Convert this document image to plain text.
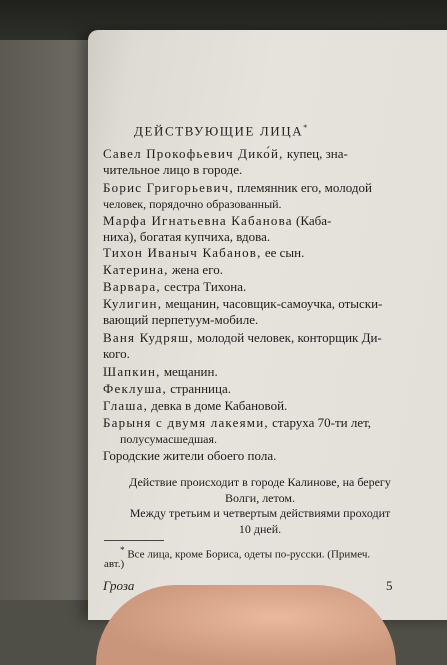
ДЕЙСТВУЮЩИЕ ЛИЦА*
Савел Прокофьевич Дико́й, купец, зна-
чительное лицо в городе.
Борис Григорьевич, племянник его, молодой
человек, порядочно образованный.
Марфа Игнатьевна Кабанова (Каба-
ниха), богатая купчиха, вдова.
Тихон Иваныч Кабанов, ее сын.
Катерина, жена его.
Варвара, сестра Тихона.
Кулигин, мещанин, часовщик-самоучка, отыски-
вающий перпетуум-мобиле.
Ваня Кудряш, молодой человек, конторщик Ди-
кого.
Шапкин, мещанин.
Феклуша, странница.
Глаша, девка в доме Кабановой.
Барыня с двумя лакеями, старуха 70-ти лет,
полусумасшедшая.
Городские жители обоего пола.
Действие происходит в городе Калинове, на берегу
Волги, летом.
Между третьим и четвертым действиями проходит
10 дней.
* Все лица, кроме Бориса, одеты по-русски. (Примеч.
авт.)
Гроза	5
